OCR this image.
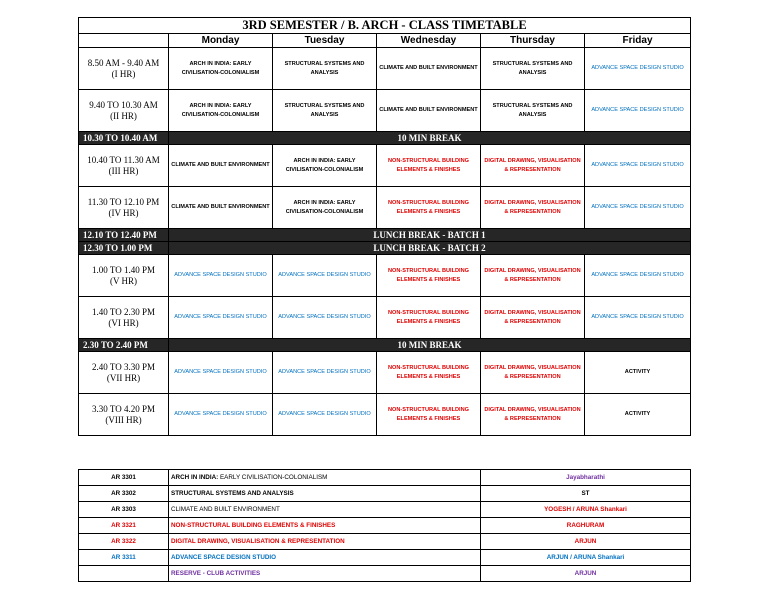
3RD SEMESTER / B. ARCH - CLASS TIMETABLE					
	Monday	Tuesday	Wednesday	Thursday	Friday

8.50 AM - 9.40 AM
(I HR)	ARCH IN INDIA: EARLY CIVILISATION-COLONIALISM	STRUCTURAL SYSTEMS AND ANALYSIS	CLIMATE AND BUILT ENVIRONMENT	STRUCTURAL SYSTEMS AND ANALYSIS	ADVANCE SPACE DESIGN STUDIO

9.40 TO 10.30 AM
(II HR)	ARCH IN INDIA: EARLY CIVILISATION-COLONIALISM	STRUCTURAL SYSTEMS AND ANALYSIS	CLIMATE AND BUILT ENVIRONMENT	STRUCTURAL SYSTEMS AND ANALYSIS	ADVANCE SPACE DESIGN STUDIO
10.30 TO 10.40 AM	10 MIN BREAK				

10.40 TO 11.30 AM
(III HR)	CLIMATE AND BUILT ENVIRONMENT	ARCH IN INDIA: EARLY CIVILISATION-COLONIALISM	NON-STRUCTURAL BUILDING ELEMENTS & FINISHES	DIGITAL DRAWING, VISUALISATION & REPRESENTATION	ADVANCE SPACE DESIGN STUDIO

11.30 TO 12.10 PM
(IV HR)	CLIMATE AND BUILT ENVIRONMENT	ARCH IN INDIA: EARLY CIVILISATION-COLONIALISM	NON-STRUCTURAL BUILDING ELEMENTS & FINISHES	DIGITAL DRAWING, VISUALISATION & REPRESENTATION	ADVANCE SPACE DESIGN STUDIO
12.10 TO 12.40 PM	LUNCH BREAK - BATCH 1				
12.30 TO 1.00 PM	LUNCH BREAK - BATCH 2				

1.00 TO 1.40 PM
(V HR)	ADVANCE SPACE DESIGN STUDIO	ADVANCE SPACE DESIGN STUDIO	NON-STRUCTURAL BUILDING ELEMENTS & FINISHES	DIGITAL DRAWING, VISUALISATION & REPRESENTATION	ADVANCE SPACE DESIGN STUDIO

1.40 TO 2.30 PM
(VI HR)	ADVANCE SPACE DESIGN STUDIO	ADVANCE SPACE DESIGN STUDIO	NON-STRUCTURAL BUILDING ELEMENTS & FINISHES	DIGITAL DRAWING, VISUALISATION & REPRESENTATION	ADVANCE SPACE DESIGN STUDIO
2.30 TO 2.40 PM	10 MIN BREAK				

2.40 TO 3.30 PM
(VII HR)	ADVANCE SPACE DESIGN STUDIO	ADVANCE SPACE DESIGN STUDIO	NON-STRUCTURAL BUILDING ELEMENTS & FINISHES	DIGITAL DRAWING, VISUALISATION & REPRESENTATION	ACTIVITY

3.30 TO 4.20 PM
(VIII HR)	ADVANCE SPACE DESIGN STUDIO	ADVANCE SPACE DESIGN STUDIO	NON-STRUCTURAL BUILDING ELEMENTS & FINISHES	DIGITAL DRAWING, VISUALISATION & REPRESENTATION	ACTIVITY
AR 3301	ARCH IN INDIA: EARLY CIVILISATION-COLONIALISM	Jayabharathi
AR 3302	STRUCTURAL SYSTEMS AND ANALYSIS	ST
AR 3303	CLIMATE AND BUILT ENVIRONMENT	YOGESH / ARUNA Shankari
AR 3321	NON-STRUCTURAL BUILDING ELEMENTS & FINISHES	RAGHURAM
AR 3322	DIGITAL DRAWING, VISUALISATION & REPRESENTATION	ARJUN
AR 3311	ADVANCE SPACE DESIGN STUDIO	ARJUN / ARUNA Shankari
	RESERVE - CLUB ACTIVITIES	ARJUN
